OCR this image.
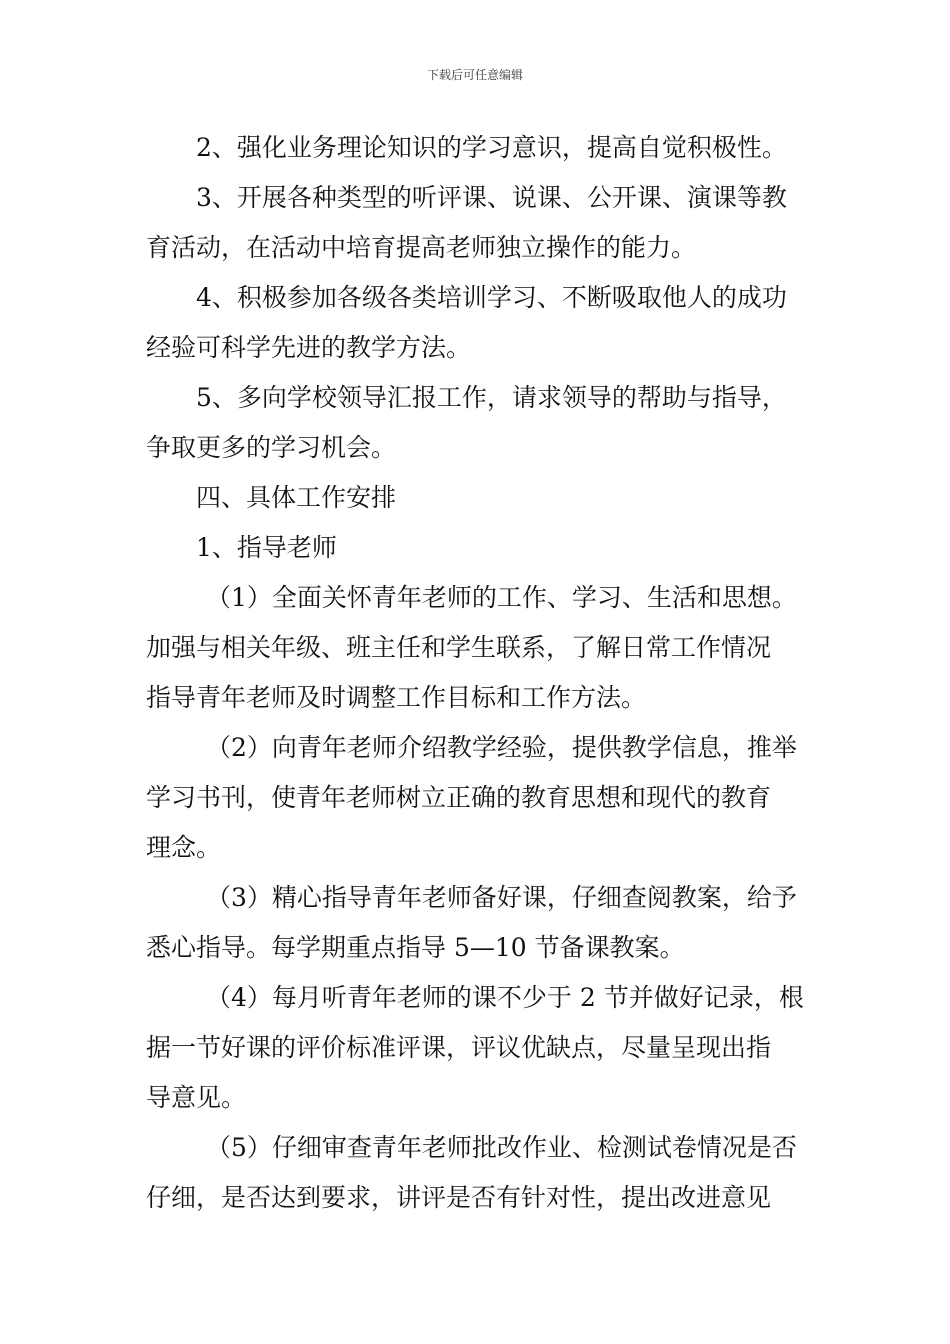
下载后可任意编辑
2、强化业务理论知识的学习意识，提高自觉积极性。
3、开展各种类型的听评课、说课、公开课、演课等教
育活动，在活动中培育提高老师独立操作的能力。
4、积极参加各级各类培训学习、不断吸取他人的成功
经验可科学先进的教学方法。
5、多向学校领导汇报工作，请求领导的帮助与指导，
争取更多的学习机会。
四、具体工作安排
1、指导老师
（1）全面关怀青年老师的工作、学习、生活和思想。
加强与相关年级、班主任和学生联系，了解日常工作情况
指导青年老师及时调整工作目标和工作方法。
（2）向青年老师介绍教学经验，提供教学信息，推举
学习书刊，使青年老师树立正确的教育思想和现代的教育
理念。
（3）精心指导青年老师备好课，仔细查阅教案，给予
悉心指导。每学期重点指导 5—10 节备课教案。
（4）每月听青年老师的课不少于 2 节并做好记录，根
据一节好课的评价标准评课，评议优缺点，尽量呈现出指
导意见。
（5）仔细审查青年老师批改作业、检测试卷情况是否
仔细，是否达到要求，讲评是否有针对性，提出改进意见
